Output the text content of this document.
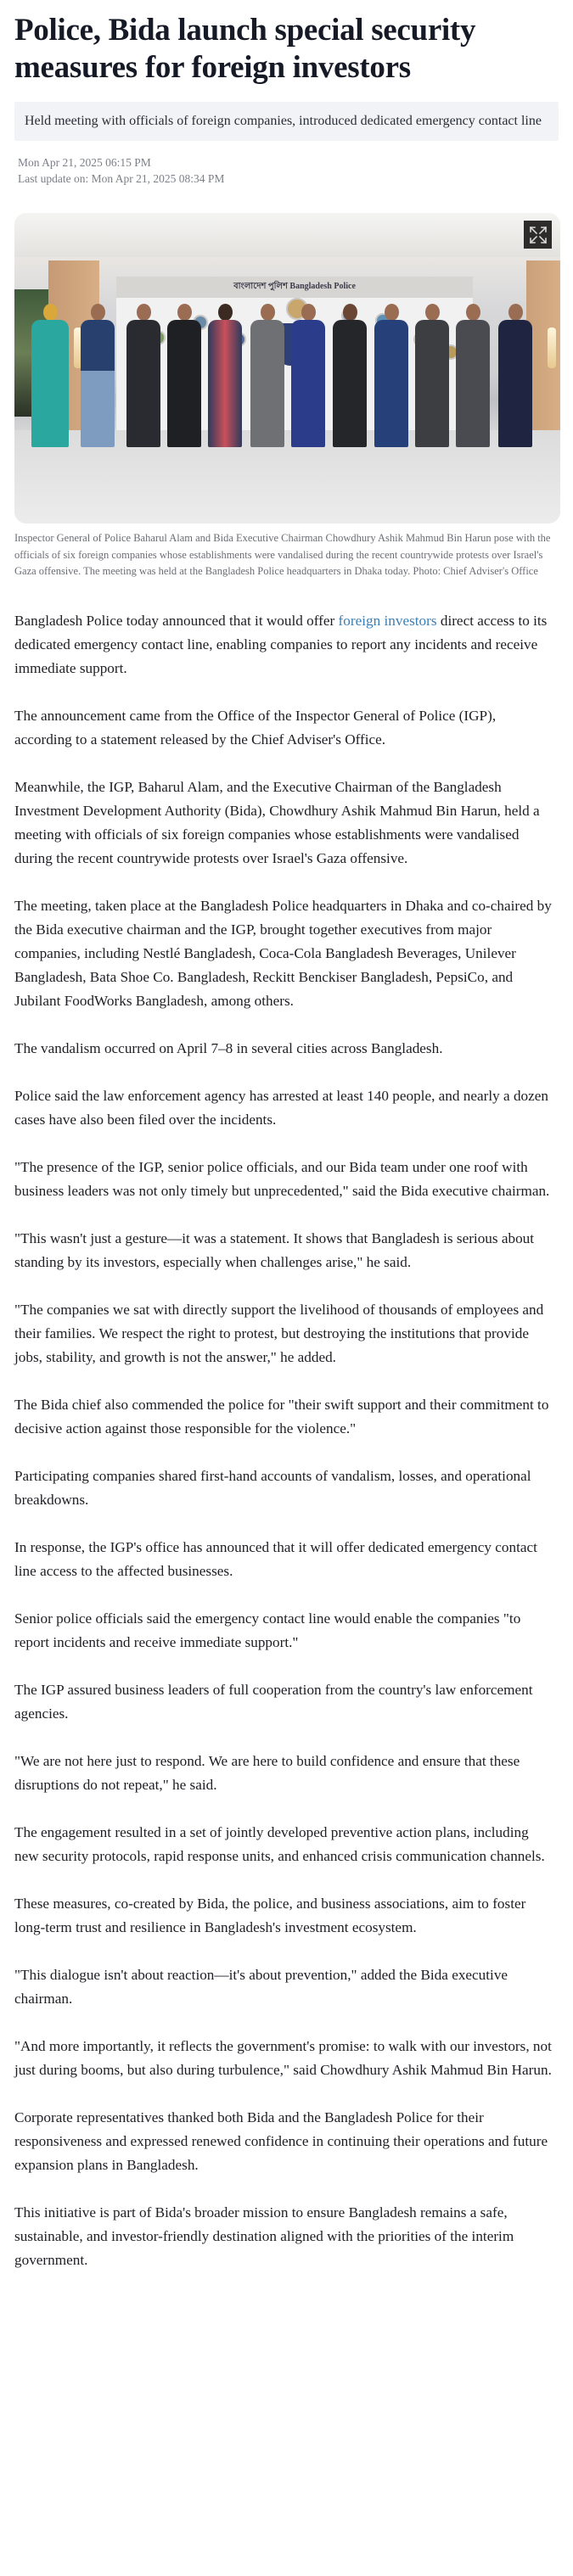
Police, Bida launch special security measures for foreign investors
Held meeting with officials of foreign companies, introduced dedicated emergency contact line
Mon Apr 21, 2025 06:15 PM
Last update on: Mon Apr 21, 2025 08:34 PM
বাংলাদেশ পুলিশ Bangladesh Police
Inspector General of Police Baharul Alam and Bida Executive Chairman Chowdhury Ashik Mahmud Bin Harun pose with the officials of six foreign companies whose establishments were vandalised during the recent countrywide protests over Israel's Gaza offensive. The meeting was held at the Bangladesh Police headquarters in Dhaka today. Photo: Chief Adviser's Office

Bangladesh Police today announced that it would offer foreign investors direct access to its dedicated emergency contact line, enabling companies to report any incidents and receive immediate support.

The announcement came from the Office of the Inspector General of Police (IGP), according to a statement released by the Chief Adviser's Office.

Meanwhile, the IGP, Baharul Alam, and the Executive Chairman of the Bangladesh Investment Development Authority (Bida), Chowdhury Ashik Mahmud Bin Harun, held a meeting with officials of six foreign companies whose establishments were vandalised during the recent countrywide protests over Israel's Gaza offensive.

The meeting, taken place at the Bangladesh Police headquarters in Dhaka and co-chaired by the Bida executive chairman and the IGP, brought together executives from major companies, including Nestlé Bangladesh, Coca-Cola Bangladesh Beverages, Unilever Bangladesh, Bata Shoe Co. Bangladesh, Reckitt Benckiser Bangladesh, PepsiCo, and Jubilant FoodWorks Bangladesh, among others.

The vandalism occurred on April 7–8 in several cities across Bangladesh.

Police said the law enforcement agency has arrested at least 140 people, and nearly a dozen cases have also been filed over the incidents.

"The presence of the IGP, senior police officials, and our Bida team under one roof with business leaders was not only timely but unprecedented," said the Bida executive chairman.

"This wasn't just a gesture—it was a statement. It shows that Bangladesh is serious about standing by its investors, especially when challenges arise," he said.

"The companies we sat with directly support the livelihood of thousands of employees and their families. We respect the right to protest, but destroying the institutions that provide jobs, stability, and growth is not the answer," he added.

The Bida chief also commended the police for "their swift support and their commitment to decisive action against those responsible for the violence."

Participating companies shared first-hand accounts of vandalism, losses, and operational breakdowns.

In response, the IGP's office has announced that it will offer dedicated emergency contact line access to the affected businesses.

Senior police officials said the emergency contact line would enable the companies "to report incidents and receive immediate support."

The IGP assured business leaders of full cooperation from the country's law enforcement agencies.

"We are not here just to respond. We are here to build confidence and ensure that these disruptions do not repeat," he said.

The engagement resulted in a set of jointly developed preventive action plans, including new security protocols, rapid response units, and enhanced crisis communication channels.

These measures, co-created by Bida, the police, and business associations, aim to foster long-term trust and resilience in Bangladesh's investment ecosystem.

"This dialogue isn't about reaction—it's about prevention," added the Bida executive chairman.

"And more importantly, it reflects the government's promise: to walk with our investors, not just during booms, but also during turbulence," said Chowdhury Ashik Mahmud Bin Harun.

Corporate representatives thanked both Bida and the Bangladesh Police for their responsiveness and expressed renewed confidence in continuing their operations and future expansion plans in Bangladesh.

This initiative is part of Bida's broader mission to ensure Bangladesh remains a safe, sustainable, and investor-friendly destination aligned with the priorities of the interim government.
